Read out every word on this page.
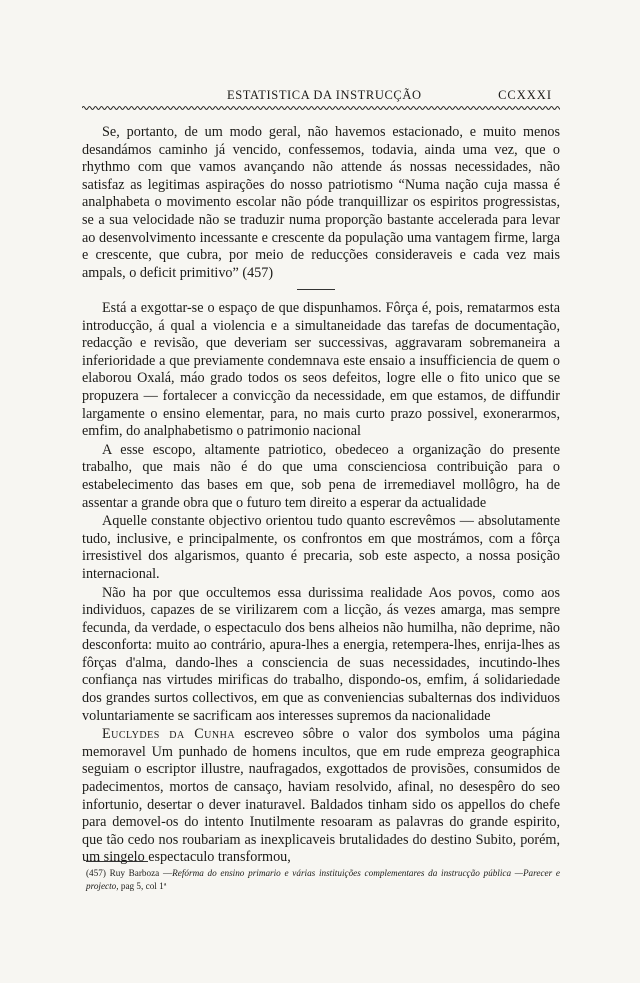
ESTATISTICA DA INSTRUCÇÃO	CCXXXI

Se, portanto, de um modo geral, não havemos estacionado, e muito menos desandámos caminho já vencido, confessemos, todavia, ainda uma vez, que o rhythmo com que vamos avançando não attende ás nossas necessidades, não satisfaz as legitimas aspirações do nosso patriotismo “Numa nação cuja massa é analphabeta o movimento escolar não póde tranquillizar os espiritos progressistas, se a sua velocidade não se traduzir numa proporção bastante accelerada para levar ao desenvolvimento incessante e crescente da população uma vantagem firme, larga e crescente, que cubra, por meio de reducções consideraveis e cada vez mais ampals, o deficit primitivo” (457)

Está a exgottar-se o espaço de que dispunhamos. Fôrça é, pois, rematarmos esta introducção, á qual a violencia e a simultaneidade das tarefas de documentação, redacção e revisão, que deveriam ser successivas, aggravaram sobremaneira a inferioridade a que previamente condemnava este ensaio a insufficiencia de quem o elaborou Oxalá, máo grado todos os seos defeitos, logre elle o fito unico que se propuzera — fortalecer a convicção da necessidade, em que estamos, de diffundir largamente o ensino elementar, para, no mais curto prazo possivel, exonerarmos, emfim, do analphabetismo o patrimonio nacional

A esse escopo, altamente patriotico, obedeceo a organização do presente trabalho, que mais não é do que uma conscienciosa contribuição para o estabelecimento das bases em que, sob pena de irremediavel mollôgro, ha de assentar a grande obra que o futuro tem direito a esperar da actualidade

Aquelle constante objectivo orientou tudo quanto escrevêmos — absolutamente tudo, inclusive, e principalmente, os confrontos em que mostrámos, com a fôrça irresistivel dos algarismos, quanto é precaria, sob este aspecto, a nossa posição internacional.

Não ha por que occultemos essa durissima realidade Aos povos, como aos individuos, capazes de se virilizarem com a licção, ás vezes amarga, mas sempre fecunda, da verdade, o espectaculo dos bens alheios não humilha, não deprime, não desconforta: muito ao contrário, apura-lhes a energia, retempera-lhes, enrija-lhes as fôrças d'alma, dando-lhes a consciencia de suas necessidades, incutindo-lhes confiança nas virtudes mirificas do trabalho, dispondo-os, emfim, á solidariedade dos grandes surtos collectivos, em que as conveniencias subalternas dos individuos voluntariamente se sacrificam aos interesses supremos da nacionalidade

Euclydes da Cunha escreveo sôbre o valor dos symbolos uma página memoravel Um punhado de homens incultos, que em rude empreza geographica seguiam o escriptor illustre, naufragados, exgottados de provisões, consumidos de padecimentos, mortos de cansaço, haviam resolvido, afinal, no desespêro do seo infortunio, desertar o dever inaturavel. Baldados tinham sido os appellos do chefe para demovel-os do intento Inutilmente resoaram as palavras do grande espirito, que tão cedo nos roubariam as inexplicaveis brutalidades do destino Subito, porém, um singelo espectaculo transformou,

(457) Ruy Barboza —Refórma do ensino primario e várias instituições complementares da instrucção pública —Parecer e projecto, pag 5, col 1ª
